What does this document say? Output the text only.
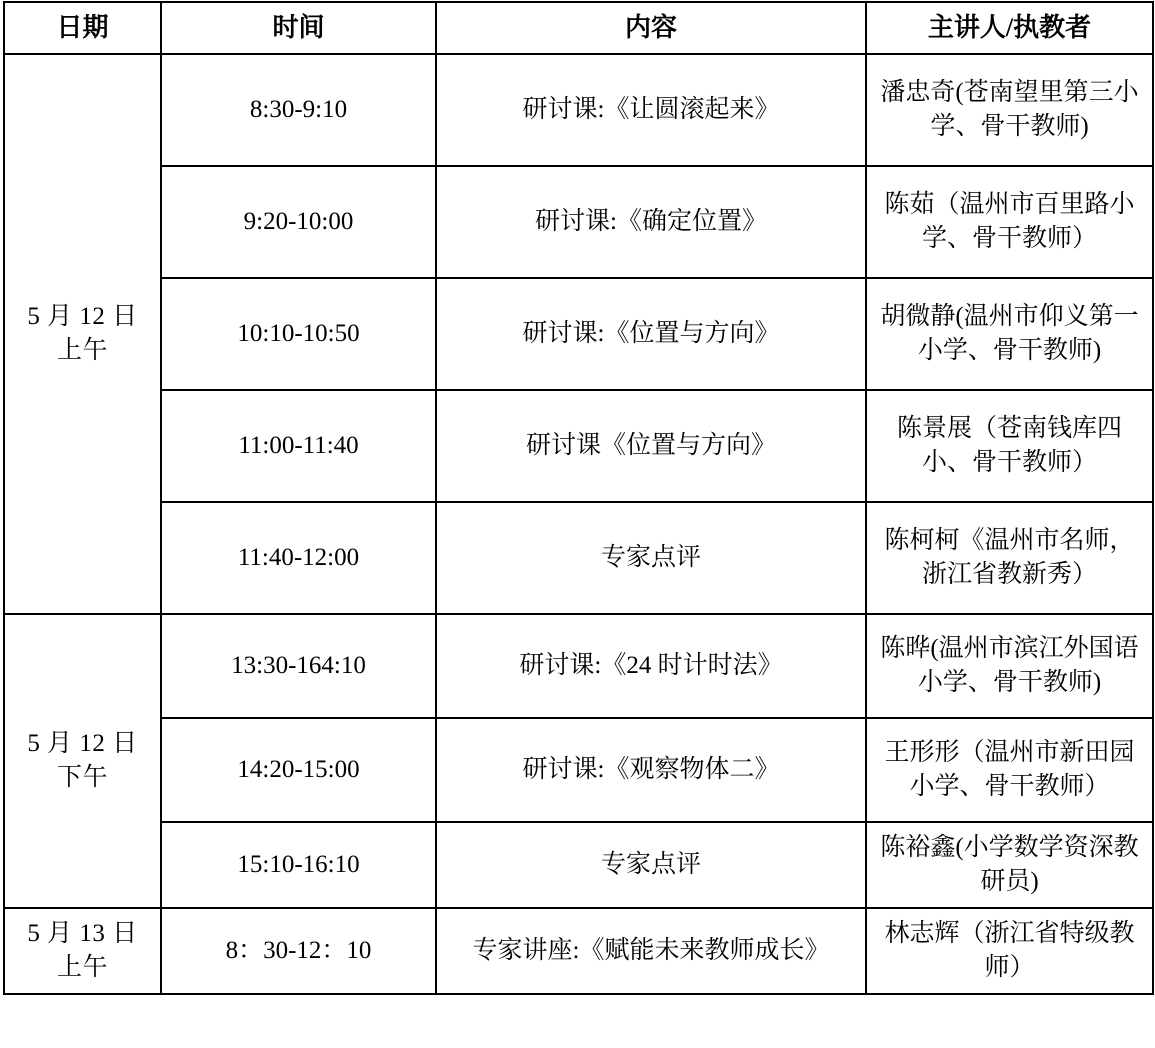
日期	时间	内容	主讲人/执教者

5 月 12 日
上午	8:30-9:10	研讨课:《让圆滚起来》	潘忠奇(苍南望里第三小学、骨干教师)
	9:20-10:00	研讨课:《确定位置》	陈茹（温州市百里路小学、骨干教师）
	10:10-10:50	研讨课:《位置与方向》	胡微静(温州市仰义第一小学、骨干教师)
	11:00-11:40	研讨课《位置与方向》	陈景展（苍南钱库四小、骨干教师）
	11:40-12:00	专家点评	陈柯柯《温州市名师，浙江省教新秀）

5 月 12 日
下午	13:30-164:10	研讨课:《24 时计时法》	陈晔(温州市滨江外国语小学、骨干教师)
	14:20-15:00	研讨课:《观察物体二》	王形形（温州市新田园小学、骨干教师）
	15:10-16:10	专家点评	陈裕鑫(小学数学资深教研员)

5 月 13 日
上午	8：30-12：10	专家讲座:《赋能未来教师成长》	林志辉（浙江省特级教师）
